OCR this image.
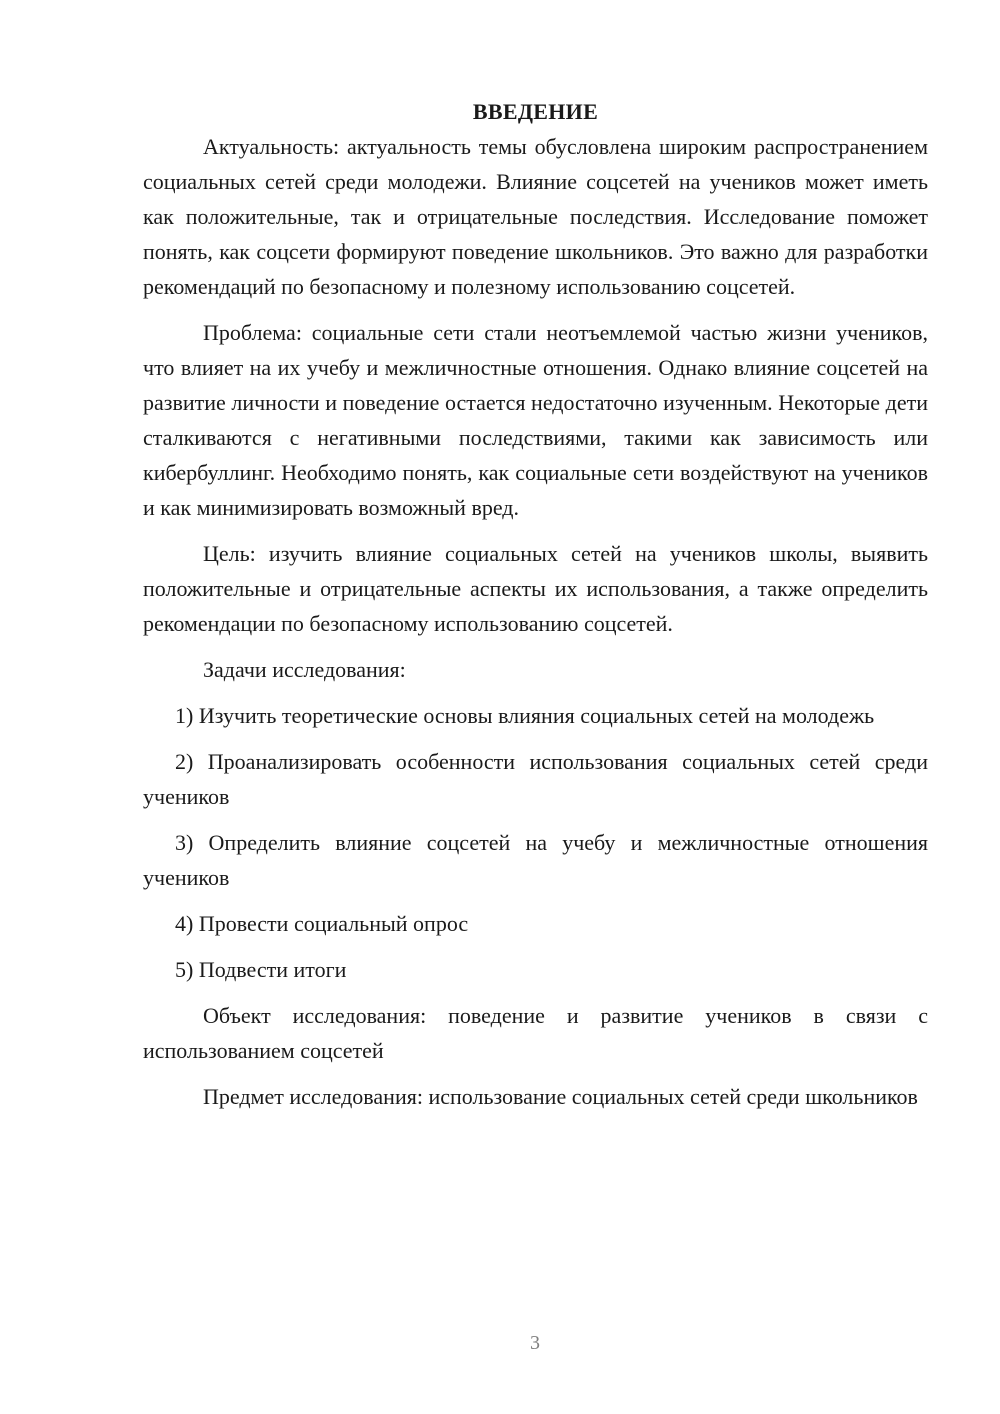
ВВЕДЕНИЕ

Актуальность: актуальность темы обусловлена широким распространением социальных сетей среди молодежи. Влияние соцсетей на учеников может иметь как положительные, так и отрицательные последствия. Исследование поможет понять, как соцсети формируют поведение школьников. Это важно для разработки рекомендаций по безопасному и полезному использованию соцсетей.

Проблема: социальные сети стали неотъемлемой частью жизни учеников, что влияет на их учебу и межличностные отношения. Однако влияние соцсетей на развитие личности и поведение остается недостаточно изученным. Некоторые дети сталкиваются с негативными последствиями, такими как зависимость или кибербуллинг. Необходимо понять, как социальные сети воздействуют на учеников и как минимизировать возможный вред.

Цель: изучить влияние социальных сетей на учеников школы, выявить положительные и отрицательные аспекты их использования, а также определить рекомендации по безопасному использованию соцсетей.

Задачи исследования:

1) Изучить теоретические основы влияния социальных сетей на молодежь

2) Проанализировать особенности использования социальных сетей среди учеников

3) Определить влияние соцсетей на учебу и межличностные отношения учеников

4) Провести социальный опрос

5) Подвести итоги

Объект исследования: поведение и развитие учеников в связи с использованием соцсетей

Предмет исследования: использование социальных сетей среди школьников

3
